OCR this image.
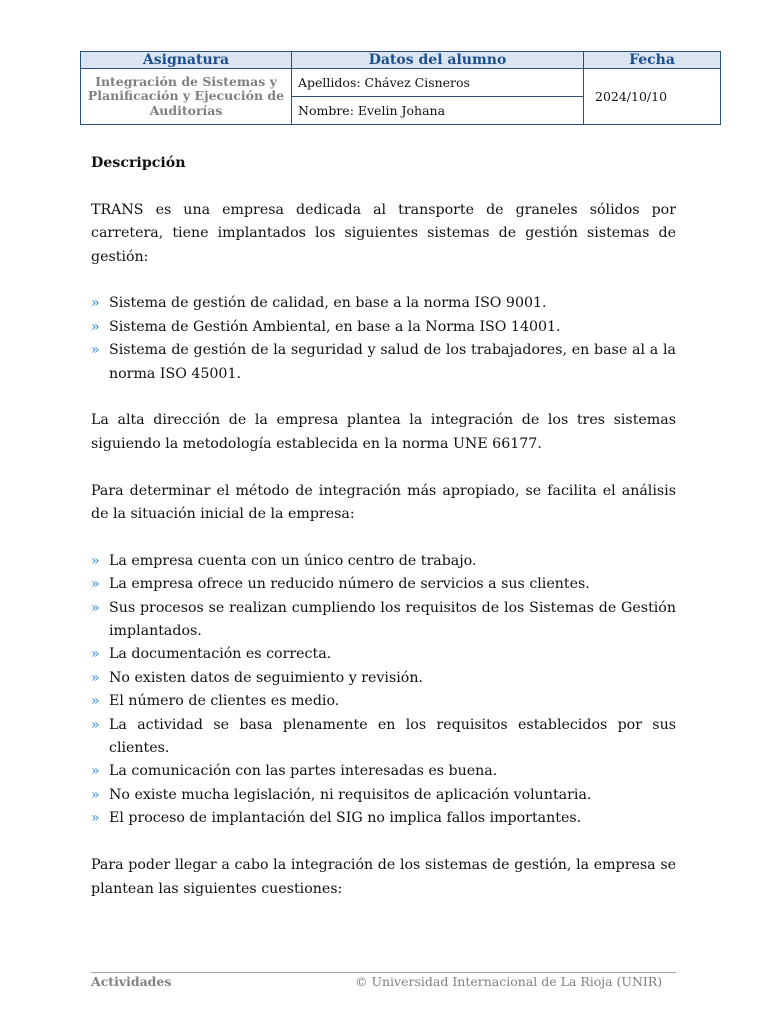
Asignatura	Datos del alumno	Fecha
Integración de Sistemas y Planificación y Ejecución de Auditorías	Apellidos: Chávez Cisneros	2024/10/10
	Nombre: Evelin Johana	
Descripción

TRANS es una empresa dedicada al transporte de graneles sólidos por carretera, tiene implantados los siguientes sistemas de gestión sistemas de gestión:

» Sistema de gestión de calidad, en base a la norma ISO 9001.
» Sistema de Gestión Ambiental, en base a la Norma ISO 14001.
» Sistema de gestión de la seguridad y salud de los trabajadores, en base al a la norma ISO 45001.

La alta dirección de la empresa plantea la integración de los tres sistemas siguiendo la metodología establecida en la norma UNE 66177.

Para determinar el método de integración más apropiado, se facilita el análisis de la situación inicial de la empresa:

» La empresa cuenta con un único centro de trabajo.
» La empresa ofrece un reducido número de servicios a sus clientes.
» Sus procesos se realizan cumpliendo los requisitos de los Sistemas de Gestión implantados.
» La documentación es correcta.
» No existen datos de seguimiento y revisión.
» El número de clientes es medio.
» La actividad se basa plenamente en los requisitos establecidos por sus clientes.
» La comunicación con las partes interesadas es buena.
» No existe mucha legislación, ni requisitos de aplicación voluntaria.
» El proceso de implantación del SIG no implica fallos importantes.

Para poder llegar a cabo la integración de los sistemas de gestión, la empresa se plantean las siguientes cuestiones:

Actividades	© Universidad Internacional de La Rioja (UNIR)
